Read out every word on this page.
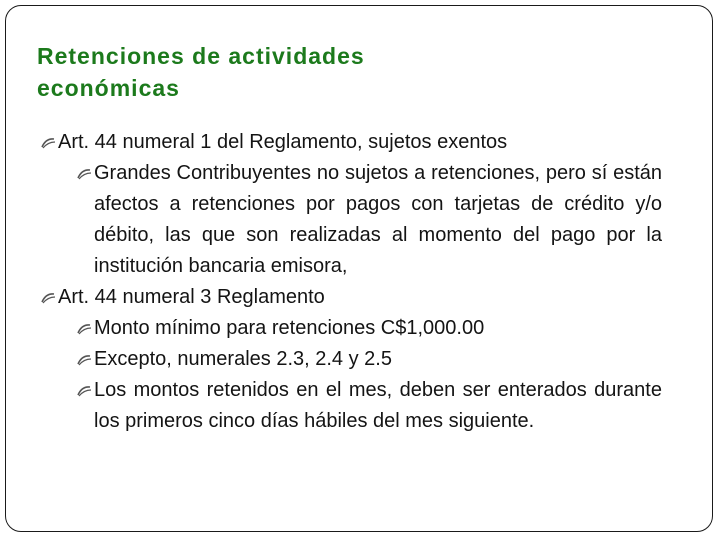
Retenciones de actividades
económicas
Art. 44 numeral 1 del Reglamento, sujetos exentos
Grandes Contribuyentes no sujetos a retenciones, pero sí están afectos a retenciones por pagos con tarjetas de crédito y/o débito, las que son realizadas al momento del pago por la institución bancaria emisora,
Art. 44 numeral 3 Reglamento
Monto mínimo para retenciones C$1,000.00
Excepto, numerales 2.3, 2.4 y 2.5
Los montos retenidos en el mes, deben ser enterados durante los primeros cinco días hábiles del mes siguiente.
